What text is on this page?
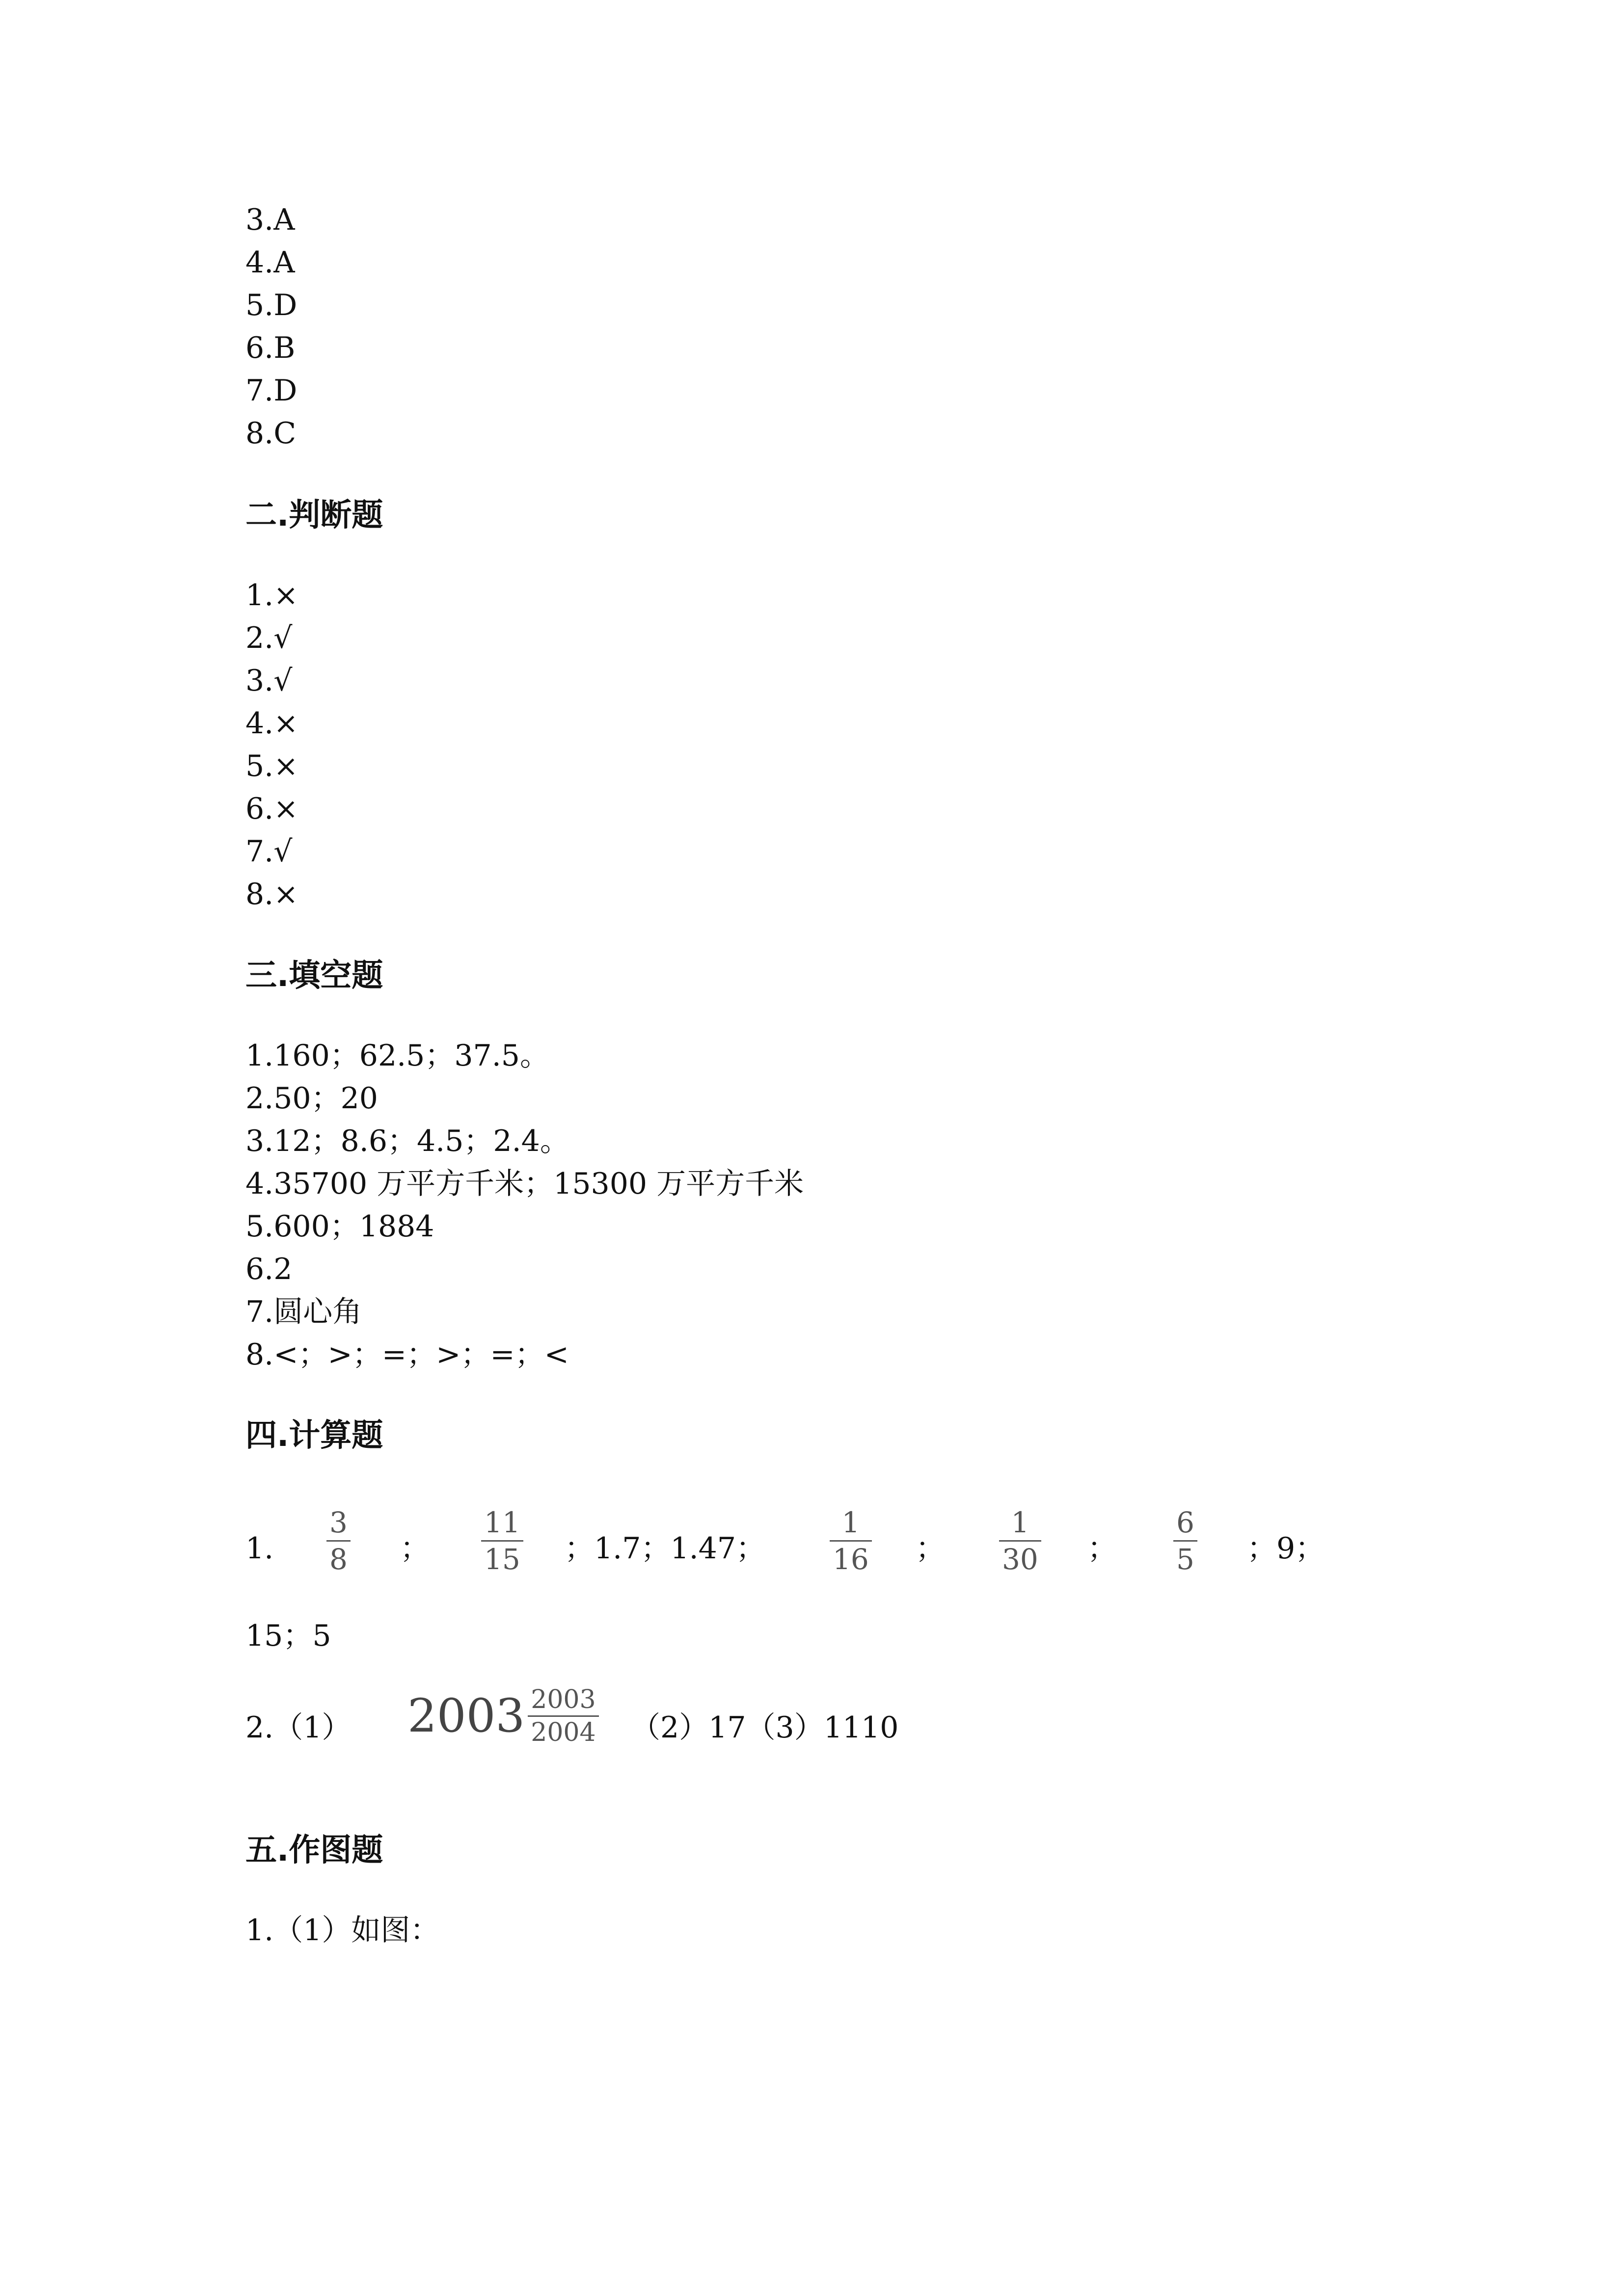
3.A
4.A
5.D
6.B
7.D
8.C
二.判断题
1.×
2.√
3.√
4.×
5.×
6.×
7.√
8.×
三.填空题
1.160；62.5；37.5。
2.50；20
3.12；8.6；4.5；2.4。
4.35700 万平方千米；15300 万平方千米
5.600；1884
6.2
7.圆心角
8.<；>；=；>；=；<
四.计算题
1.
3
8 ；
11
15 ；1.7；1.47；
1
16 ；
1
30 ；
6
5 ；9；
15；5
2.（1） $2003 \frac{2003}{2004} (2)17(3)1110$
五.作图题
1.（1）如图：
